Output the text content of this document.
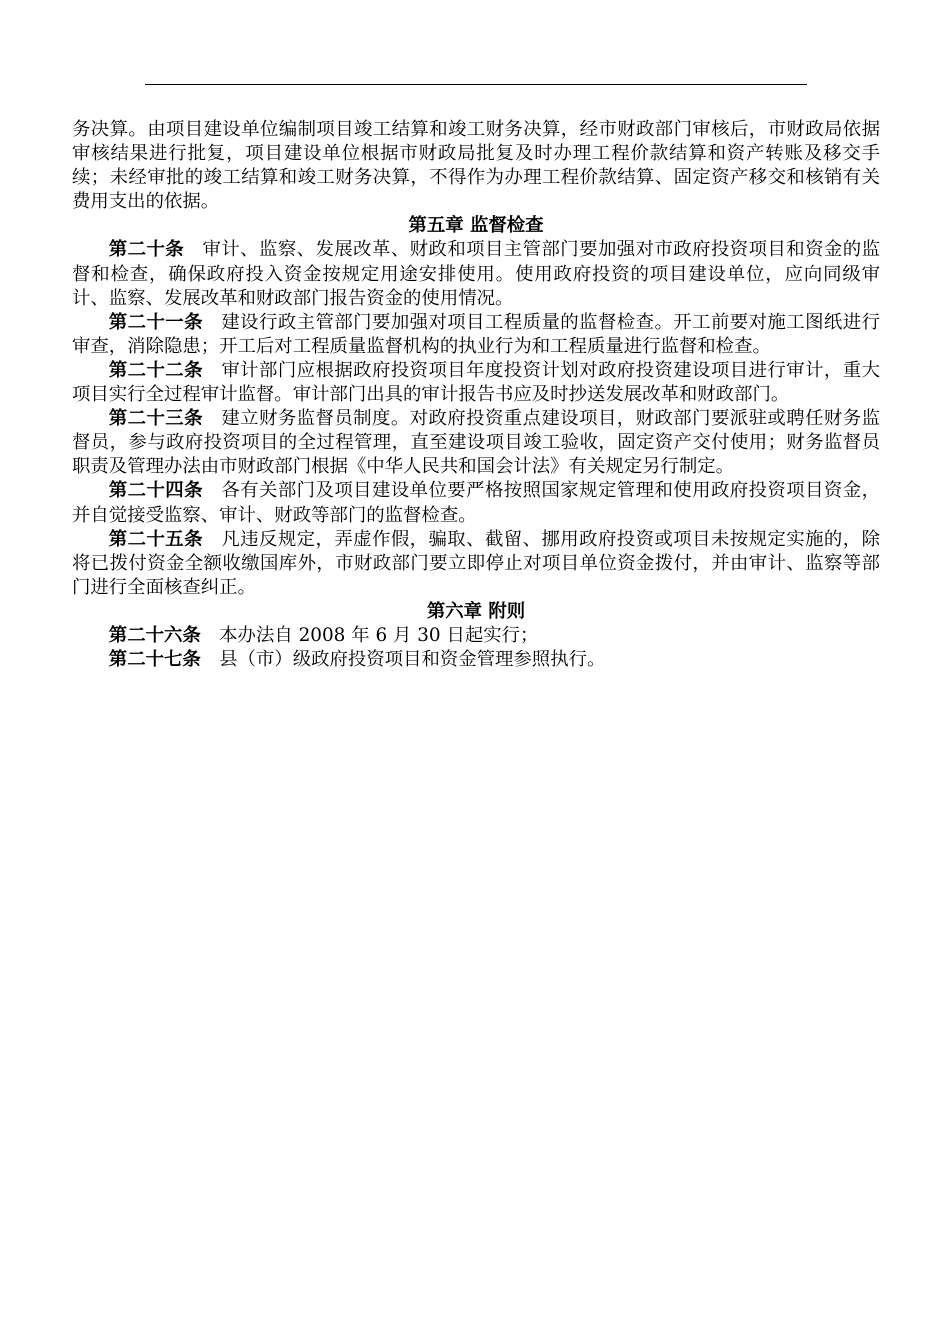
务决算。由项目建设单位编制项目竣工结算和竣工财务决算，经市财政部门审核后，市财政局依据审核结果进行批复，项目建设单位根据市财政局批复及时办理工程价款结算和资产转账及移交手续；未经审批的竣工结算和竣工财务决算，不得作为办理工程价款结算、固定资产移交和核销有关费用支出的依据。

第五章 监督检查

第二十条 审计、监察、发展改革、财政和项目主管部门要加强对市政府投资项目和资金的监督和检查，确保政府投入资金按规定用途安排使用。使用政府投资的项目建设单位，应向同级审计、监察、发展改革和财政部门报告资金的使用情况。

第二十一条 建设行政主管部门要加强对项目工程质量的监督检查。开工前要对施工图纸进行审查，消除隐患；开工后对工程质量监督机构的执业行为和工程质量进行监督和检查。

第二十二条 审计部门应根据政府投资项目年度投资计划对政府投资建设项目进行审计，重大项目实行全过程审计监督。审计部门出具的审计报告书应及时抄送发展改革和财政部门。

第二十三条 建立财务监督员制度。对政府投资重点建设项目，财政部门要派驻或聘任财务监督员，参与政府投资项目的全过程管理，直至建设项目竣工验收，固定资产交付使用；财务监督员职责及管理办法由市财政部门根据《中华人民共和国会计法》有关规定另行制定。

第二十四条 各有关部门及项目建设单位要严格按照国家规定管理和使用政府投资项目资金，并自觉接受监察、审计、财政等部门的监督检查。

第二十五条 凡违反规定，弄虚作假，骗取、截留、挪用政府投资或项目未按规定实施的，除将已拨付资金全额收缴国库外，市财政部门要立即停止对项目单位资金拨付，并由审计、监察等部门进行全面核查纠正。

第六章 附则

第二十六条 本办法自 2008 年 6 月 30 日起实行；

第二十七条 县（市）级政府投资项目和资金管理参照执行。
